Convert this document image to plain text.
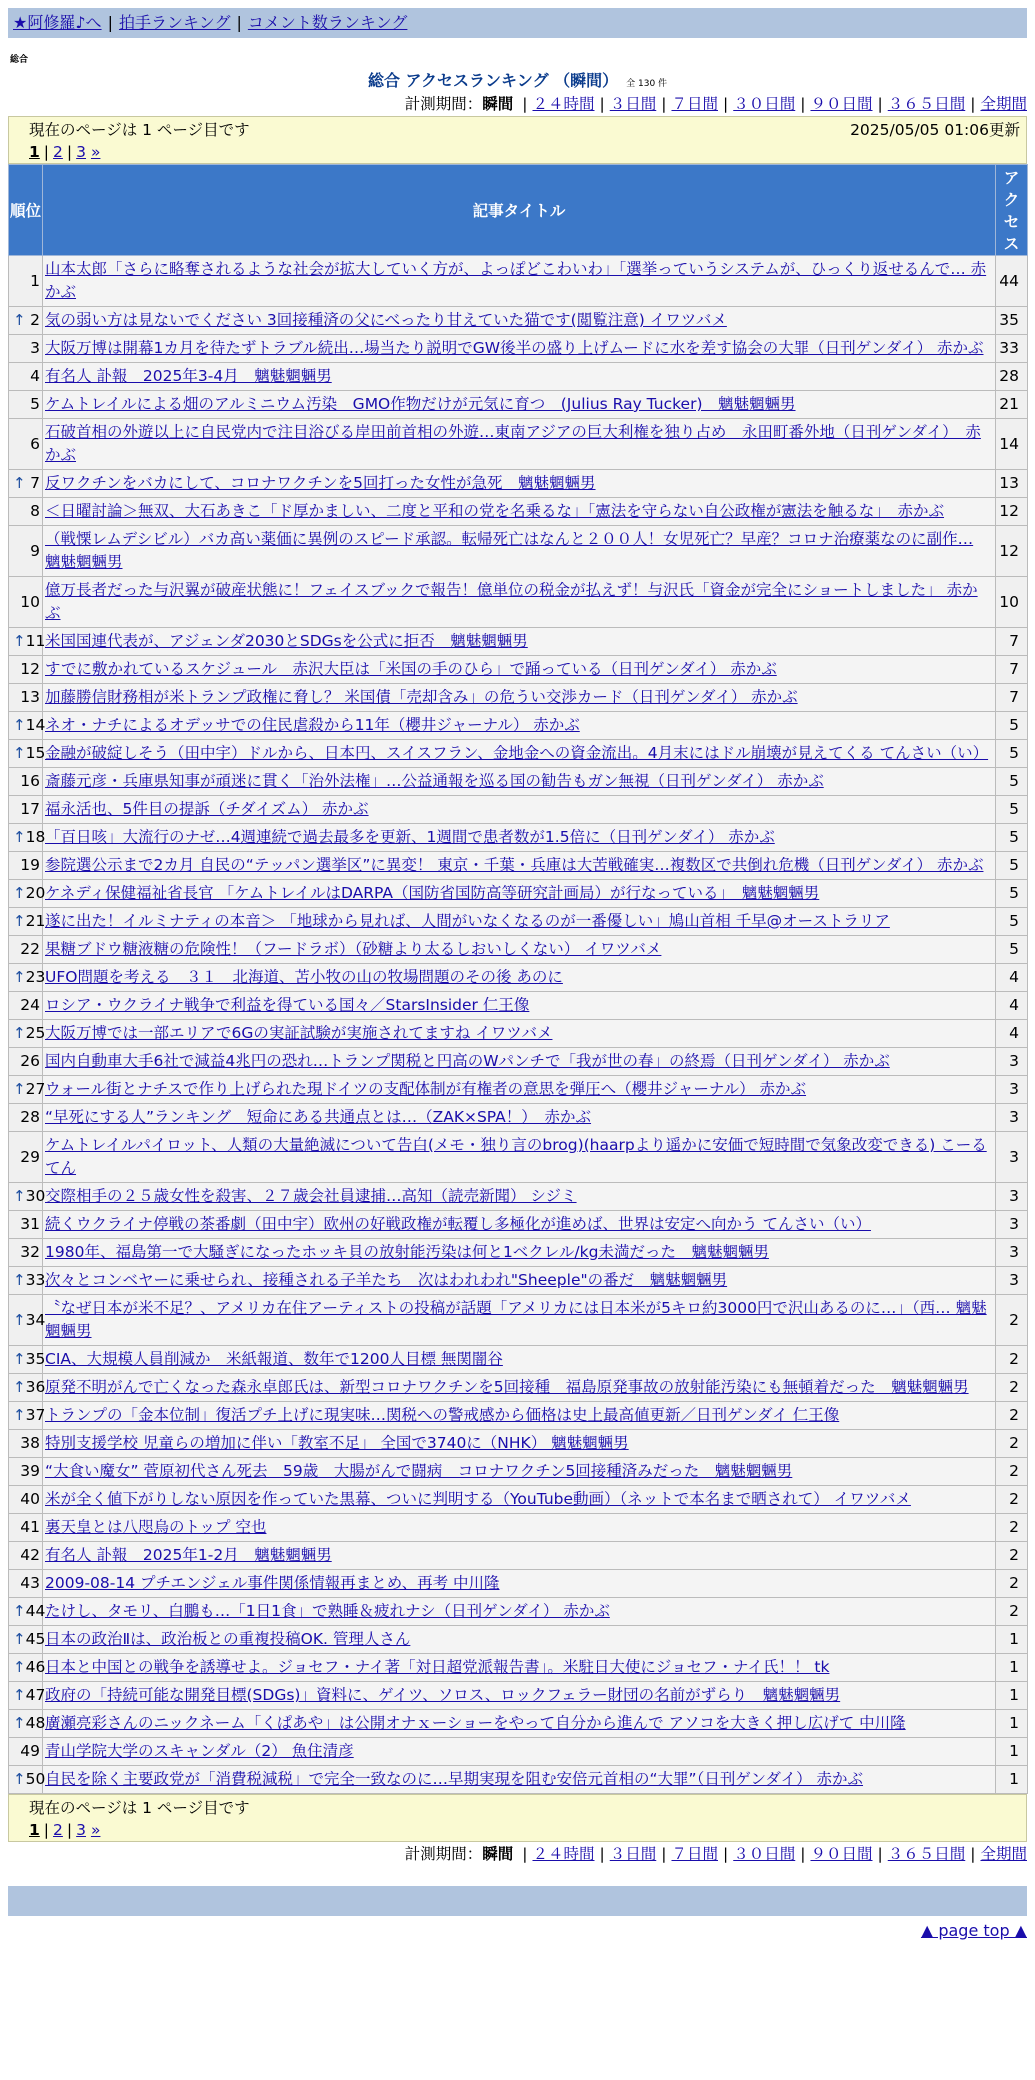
★阿修羅♪へ | 拍手ランキング | コメント数ランキング
総合
総合 アクセスランキング （瞬間） 全 130 件
計測期間：瞬間 | ２４時間 | ３日間 | ７日間 | ３０日間 | ９０日間 | ３６５日間 | 全期間
現在のページは 1 ページ目です	2025/05/05 01:06更新
1 | 2 | 3 »
順位	記事タイトル	アクセス
1	山本太郎「さらに略奪されるような社会が拡大していく方が、よっぽどこわいわ」「選挙っていうシステムが、ひっくり返せるんで… 赤かぶ	44

↑ 2	気の弱い方は見ないでください 3回接種済の父にべったり甘えていた猫です(閲覧注意) イワツバメ	35
3	大阪万博は開幕1カ月を待たずトラブル続出…場当たり説明でGW後半の盛り上げムードに水を差す協会の大罪（日刊ゲンダイ） 赤かぶ	33
4	有名人 訃報　2025年3-4月　魑魅魍魎男	28
5	ケムトレイルによる畑のアルミニウム汚染　GMO作物だけが元気に育つ　(Julius Ray Tucker)　魑魅魍魎男	21
6	石破首相の外遊以上に自民党内で注目浴びる岸田前首相の外遊…東南アジアの巨大利権を独り占め　永田町番外地（日刊ゲンダイ）　赤かぶ	14

↑ 7	反ワクチンをバカにして、コロナワクチンを5回打った女性が急死　魑魅魍魎男	13
8	＜日曜討論＞無双、大石あきこ「ド厚かましい、二度と平和の党を名乗るな」「憲法を守らない自公政権が憲法を触るな」　赤かぶ	12
9	（戦慄レムデシビル）バカ高い薬価に異例のスピード承認。転帰死亡はなんと２００人！女児死亡？早産？コロナ治療薬なのに副作… 魑魅魍魎男	12
10	億万長者だった与沢翼が破産状態に！フェイスブックで報告！億単位の税金が払えず！与沢氏「資金が完全にショートしました」 赤かぶ	10

↑ 11	米国国連代表が、アジェンダ2030とSDGsを公式に拒否　魑魅魍魎男	7
12	すでに敷かれているスケジュール　赤沢大臣は「米国の手のひら」で踊っている（日刊ゲンダイ） 赤かぶ	7
13	加藤勝信財務相が米トランプ政権に脅し？ 米国債「売却含み」の危うい交渉カード（日刊ゲンダイ） 赤かぶ	7

↑ 14	ネオ・ナチによるオデッサでの住民虐殺から11年（櫻井ジャーナル） 赤かぶ	5

↑ 15	金融が破綻しそう（田中宇）ドルから、日本円、スイスフラン、金地金への資金流出。4月末にはドル崩壊が見えてくる てんさい（い）	5
16	斎藤元彦・兵庫県知事が頑迷に貫く「治外法権」…公益通報を巡る国の勧告もガン無視（日刊ゲンダイ） 赤かぶ	5
17	福永活也、5件目の提訴（チダイズム） 赤かぶ	5

↑ 18	「百日咳」大流行のナゼ…4週連続で過去最多を更新、1週間で患者数が1.5倍に（日刊ゲンダイ） 赤かぶ	5
19	参院選公示まで2カ月 自民の“テッパン選挙区”に異変！ 東京・千葉・兵庫は大苦戦確実…複数区で共倒れ危機（日刊ゲンダイ） 赤かぶ	5

↑ 20	ケネディ保健福祉省長官 「ケムトレイルはDARPA（国防省国防高等研究計画局）が行なっている」　魑魅魍魎男	5

↑ 21	遂に出た！イルミナティの本音＞ 「地球から見れば、人間がいなくなるのが一番優しい」鳩山首相 千早@オーストラリア	5
22	果糖ブドウ糖液糖の危険性！（フードラボ）（砂糖より太るしおいしくない） イワツバメ	5

↑ 23	UFO問題を考える　３１　北海道、苫小牧の山の牧場問題のその後 あのに	4
24	ロシア・ウクライナ戦争で利益を得ている国々／StarsInsider 仁王像	4

↑ 25	大阪万博では一部エリアで6Gの実証試験が実施されてますね イワツバメ	4
26	国内自動車大手6社で減益4兆円の恐れ…トランプ関税と円高のWパンチで「我が世の春」の終焉（日刊ゲンダイ） 赤かぶ	3

↑ 27	ウォール街とナチスで作り上げられた現ドイツの支配体制が有権者の意思を弾圧へ（櫻井ジャーナル） 赤かぶ	3
28	“早死にする人”ランキング　短命にある共通点とは…（ZAK×SPA！）　赤かぶ	3
29	ケムトレイルパイロット、人類の大量絶滅について告白(メモ・独り言のbrog)(haarpより遥かに安価で短時間で気象改変できる) こーるてん	3

↑ 30	交際相手の２５歳女性を殺害、２７歳会社員逮捕…高知（読売新聞） シジミ	3
31	続くウクライナ停戦の茶番劇（田中宇）欧州の好戦政権が転覆し多極化が進めば、世界は安定へ向かう てんさい（い）	3
32	1980年、福島第一で大騒ぎになったホッキ貝の放射能汚染は何と1ベクレル/kg未満だった　魑魅魍魎男	3

↑ 33	次々とコンベヤーに乗せられ、接種される子羊たち　次はわれわれ"Sheeple"の番だ　魑魅魍魎男	3

↑ 34	〝なぜ日本が米不足？、アメリカ在住アーティストの投稿が話題「アメリカには日本米が5キロ約3000円で沢山あるのに…」（西… 魑魅魍魎男	2

↑ 35	CIA、大規模人員削減か　米紙報道、数年で1200人目標 無関闇谷	2

↑ 36	原発不明がんで亡くなった森永卓郎氏は、新型コロナワクチンを5回接種　福島原発事故の放射能汚染にも無頓着だった　魑魅魍魎男	2

↑ 37	トランプの「金本位制」復活プチ上げに現実味…関税への警戒感から価格は史上最高値更新／日刊ゲンダイ 仁王像	2
38	特別支援学校 児童らの増加に伴い「教室不足」 全国で3740に（NHK） 魑魅魍魎男	2
39	“大食い魔女” 菅原初代さん死去　59歳　大腸がんで闘病　コロナワクチン5回接種済みだった　魑魅魍魎男	2
40	米が全く値下がりしない原因を作っていた黒幕、ついに判明する（YouTube動画）（ネットで本名まで晒されて） イワツバメ	2
41	裏天皇とは八咫烏のトップ 空也	2
42	有名人 訃報　2025年1-2月　魑魅魍魎男	2
43	2009-08-14 プチエンジェル事件関係情報再まとめ、再考 中川隆	2

↑ 44	たけし、タモリ、白鵬も…「1日1食」で熟睡＆疲れナシ（日刊ゲンダイ） 赤かぶ	2

↑ 45	日本の政治Ⅱは、政治板との重複投稿OK. 管理人さん	1

↑ 46	日本と中国との戦争を誘導せよ。ジョセフ・ナイ著「対日超党派報告書」。米駐日大使にジョセフ・ナイ氏！！ tk	1

↑ 47	政府の「持続可能な開発目標(SDGs)」資料に、ゲイツ、ソロス、ロックフェラー財団の名前がずらり　魑魅魍魎男	1

↑ 48	廣瀬亮彩さんのニックネーム「くぱあや」は公開オナｘーショーをやって自分から進んで アソコを大きく押し広げて 中川隆	1
49	青山学院大学のスキャンダル（2） 魚住清彦	1

↑ 50	自民を除く主要政党が「消費税減税」で完全一致なのに…早期実現を阻む安倍元首相の“大罪”（日刊ゲンダイ） 赤かぶ	1
現在のページは 1 ページ目です
1 | 2 | 3 »
計測期間：瞬間 | ２４時間 | ３日間 | ７日間 | ３０日間 | ９０日間 | ３６５日間 | 全期間
▲ page top ▲
